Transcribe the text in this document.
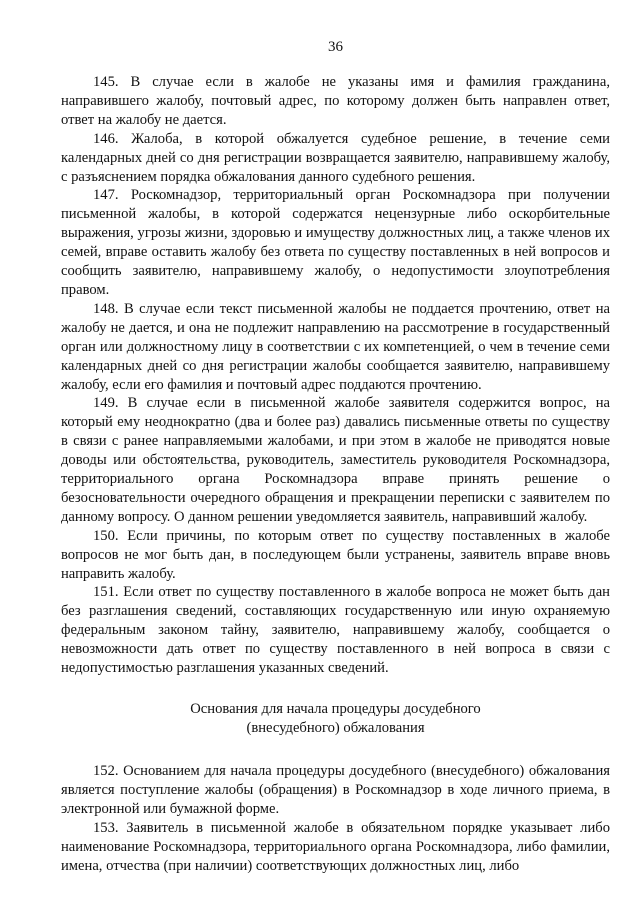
36

145. В случае если в жалобе не указаны имя и фамилия гражданина, направившего жалобу, почтовый адрес, по которому должен быть направлен ответ, ответ на жалобу не дается.

146. Жалоба, в которой обжалуется судебное решение, в течение семи календарных дней со дня регистрации возвращается заявителю, направившему жалобу, с разъяснением порядка обжалования данного судебного решения.

147. Роскомнадзор, территориальный орган Роскомнадзора при получении письменной жалобы, в которой содержатся нецензурные либо оскорбительные выражения, угрозы жизни, здоровью и имуществу должностных лиц, а также членов их семей, вправе оставить жалобу без ответа по существу поставленных в ней вопросов и сообщить заявителю, направившему жалобу, о недопустимости злоупотребления правом.

148. В случае если текст письменной жалобы не поддается прочтению, ответ на жалобу не дается, и она не подлежит направлению на рассмотрение в государственный орган или должностному лицу в соответствии с их компетенцией, о чем в течение семи календарных дней со дня регистрации жалобы сообщается заявителю, направившему жалобу, если его фамилия и почтовый адрес поддаются прочтению.

149. В случае если в письменной жалобе заявителя содержится вопрос, на который ему неоднократно (два и более раз) давались письменные ответы по существу в связи с ранее направляемыми жалобами, и при этом в жалобе не приводятся новые доводы или обстоятельства, руководитель, заместитель руководителя Роскомнадзора, территориального органа Роскомнадзора вправе принять решение о безосновательности очередного обращения и прекращении переписки с заявителем по данному вопросу. О данном решении уведомляется заявитель, направивший жалобу.

150. Если причины, по которым ответ по существу поставленных в жалобе вопросов не мог быть дан, в последующем были устранены, заявитель вправе вновь направить жалобу.

151. Если ответ по существу поставленного в жалобе вопроса не может быть дан без разглашения сведений, составляющих государственную или иную охраняемую федеральным законом тайну, заявителю, направившему жалобу, сообщается о невозможности дать ответ по существу поставленного в ней вопроса в связи с недопустимостью разглашения указанных сведений.

Основания для начала процедуры досудебного
(внесудебного) обжалования

152. Основанием для начала процедуры досудебного (внесудебного) обжалования является поступление жалобы (обращения) в Роскомнадзор в ходе личного приема, в электронной или бумажной форме.

153. Заявитель в письменной жалобе в обязательном порядке указывает либо наименование Роскомнадзора, территориального органа Роскомнадзора, либо фамилии, имена, отчества (при наличии) соответствующих должностных лиц, либо
